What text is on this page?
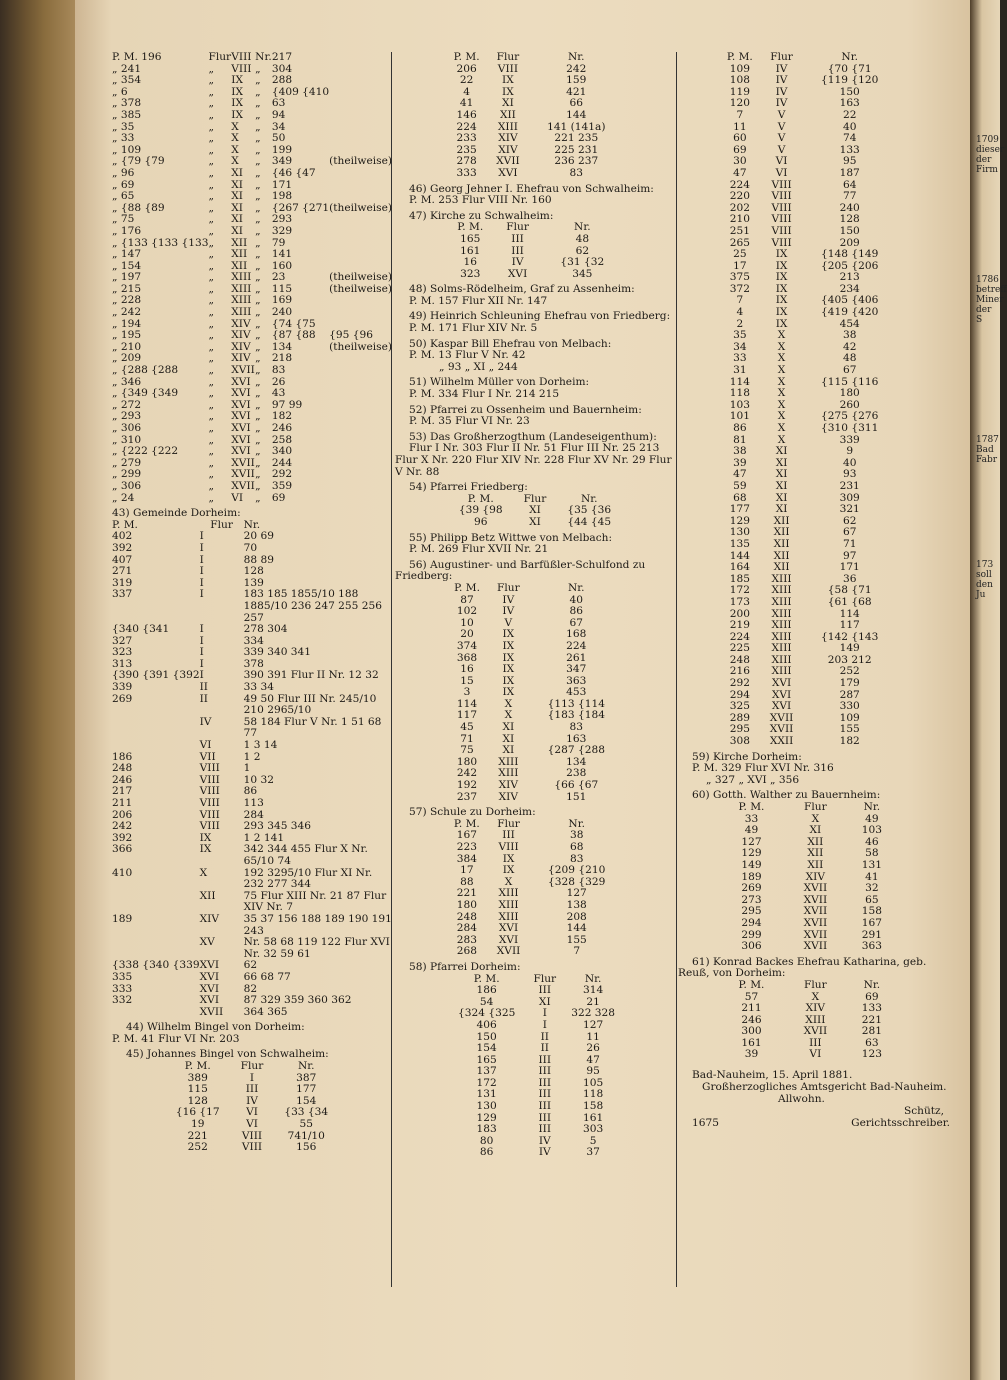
1709 dieser der Firm
1786 betreff Miner der S
1787 Bad Fabr
173 soll den Ju
P. M. 196	Flur	VIII	Nr.	217	
„ 241	„	VIII	„	304	
„ 354	„	IX	„	288	
„ 6	„	IX	„	{409 {410	
„ 378	„	IX	„	63	
„ 385	„	IX	„	94	
„ 35	„	X	„	34	
„ 33	„	X	„	50	
„ 109	„	X	„	199	
„ {79 {79	„	X	„	349	(theilweise)
„ 96	„	XI	„	{46 {47	
„ 69	„	XI	„	171	
„ 65	„	XI	„	198	
„ {88 {89	„	XI	„	{267 {271	(theilweise)
„ 75	„	XI	„	293	
„ 176	„	XI	„	329	
„ {133 {133 {133	„	XII	„	79	
„ 147	„	XII	„	141	
„ 154	„	XII	„	160	
„ 197	„	XIII	„	23	(theilweise)
„ 215	„	XIII	„	115	(theilweise)
„ 228	„	XIII	„	169	
„ 242	„	XIII	„	240	
„ 194	„	XIV	„	{74 {75	
„ 195	„	XIV	„	{87 {88	{95 {96
„ 210	„	XIV	„	134	(theilweise)
„ 209	„	XIV	„	218	
„ {288 {288	„	XVII	„	83	
„ 346	„	XVI	„	26	
„ {349 {349	„	XVI	„	43	
„ 272	„	XVI	„	97 99	
„ 293	„	XVI	„	182	
„ 306	„	XVI	„	246	
„ 310	„	XVI	„	258	
„ {222 {222	„	XVI	„	340	
„ 279	„	XVII	„	244	
„ 299	„	XVII	„	292	
„ 306	„	XVII	„	359	
„ 24	„	VI	„	69	
43) Gemeinde Dorheim:
P. M.	Flur	Nr.
402	I	20 69
392	I	70
407	I	88 89
271	I	128
319	I	139
337	I	183 185 1855/10 188 1885/10 236 247 255 256 257
{340 {341	I	278 304
327	I	334
323	I	339 340 341
313	I	378
{390 {391 {392	I	390 391 Flur II Nr. 12 32
339	II	33 34
269	II	49 50 Flur III Nr. 245/10 210 2965/10
	IV	58 184 Flur V Nr. 1 51 68 77
	VI	1 3 14
186	VII	1 2
248	VIII	1
246	VIII	10 32
217	VIII	86
211	VIII	113
206	VIII	284
242	VIII	293 345 346
392	IX	1 2 141
366	IX	342 344 455 Flur X Nr. 65/10 74
410	X	192 3295/10 Flur XI Nr. 232 277 344
	XII	75 Flur XIII Nr. 21 87 Flur XIV Nr. 7
189	XIV	35 37 156 188 189 190 191 243
	XV	Nr. 58 68 119 122 Flur XVI Nr. 32 59 61
{338 {340 {339	XVI	62
335	XVI	66 68 77
333	XVI	82
332	XVI	87 329 359 360 362
	XVII	364 365
44) Wilhelm Bingel von Dorheim:
P. M. 41 Flur VI Nr. 203
45) Johannes Bingel von Schwalheim:
P. M.	Flur	Nr.
389	I	387
115	III	177
128	IV	154
{16 {17	VI	{33 {34
19	VI	55
221	VIII	741/10
252	VIII	156
P. M.	Flur	Nr.
206	VIII	242
22	IX	159
4	IX	421
41	XI	66
146	XII	144
224	XIII	141 (141a)
233	XIV	221 235
235	XIV	225 231
278	XVII	236 237
333	XVI	83
46) Georg Jehner I. Ehefrau von Schwalheim:
P. M. 253 Flur VIII Nr. 160
47) Kirche zu Schwalheim:
P. M.	Flur	Nr.
165	III	48
161	III	62
16	IV	{31 {32
323	XVI	345
48) Solms-Rödelheim, Graf zu Assenheim:
P. M. 157 Flur XII Nr. 147
49) Heinrich Schleuning Ehefrau von Friedberg:
P. M. 171 Flur XIV Nr. 5
50) Kaspar Bill Ehefrau von Melbach:
P. M. 13 Flur V Nr. 42
„ 93 „ XI „ 244
51) Wilhelm Müller von Dorheim:
P. M. 334 Flur I Nr. 214 215
52) Pfarrei zu Ossenheim und Bauernheim:
P. M. 35 Flur VI Nr. 23
53) Das Großherzogthum (Landeseigenthum):
Flur I Nr. 303 Flur II Nr. 51 Flur III Nr. 25 213 Flur X Nr. 220 Flur XIV Nr. 228 Flur XV Nr. 29 Flur V Nr. 88
54) Pfarrei Friedberg:
P. M.	Flur	Nr.
{39 {98	XI	{35 {36
96	XI	{44 {45
55) Philipp Betz Wittwe von Melbach:
P. M. 269 Flur XVII Nr. 21
56) Augustiner- und Barfüßler-Schulfond zu Friedberg:
P. M.	Flur	Nr.
87	IV	40
102	IV	86
10	V	67
20	IX	168
374	IX	224
368	IX	261
16	IX	347
15	IX	363
3	IX	453
114	X	{113 {114
117	X	{183 {184
45	XI	83
71	XI	163
75	XI	{287 {288
180	XIII	134
242	XIII	238
192	XIV	{66 {67
237	XIV	151
57) Schule zu Dorheim:
P. M.	Flur	Nr.
167	III	38
223	VIII	68
384	IX	83
17	IX	{209 {210
88	X	{328 {329
221	XIII	127
180	XIII	138
248	XIII	208
284	XVI	144
283	XVI	155
268	XVII	7
58) Pfarrei Dorheim:
P. M.	Flur	Nr.
186	III	314
54	XI	21
{324 {325	I	322 328
406	I	127
150	II	11
154	II	26
165	III	47
137	III	95
172	III	105
131	III	118
130	III	158
129	III	161
183	III	303
80	IV	5
86	IV	37
P. M.	Flur	Nr.
109	IV	{70 {71
108	IV	{119 {120
119	IV	150
120	IV	163
7	V	22
11	V	40
60	V	74
69	V	133
30	VI	95
47	VI	187
224	VIII	64
220	VIII	77
202	VIII	240
210	VIII	128
251	VIII	150
265	VIII	209
25	IX	{148 {149
17	IX	{205 {206
375	IX	213
372	IX	234
7	IX	{405 {406
4	IX	{419 {420
2	IX	454
35	X	38
34	X	42
33	X	48
31	X	67
114	X	{115 {116
118	X	180
103	X	260
101	X	{275 {276
86	X	{310 {311
81	X	339
38	XI	9
39	XI	40
47	XI	93
59	XI	231
68	XI	309
177	XI	321
129	XII	62
130	XII	67
135	XII	71
144	XII	97
164	XII	171
185	XIII	36
172	XIII	{58 {71
173	XIII	{61 {68
200	XIII	114
219	XIII	117
224	XIII	{142 {143
225	XIII	149
248	XIII	203 212
216	XIII	252
292	XVI	179
294	XVI	287
325	XVI	330
289	XVII	109
295	XVII	155
308	XXII	182
59) Kirche Dorheim:
P. M. 329 Flur XVI Nr. 316
„ 327 „ XVI „ 356
60) Gotth. Walther zu Bauernheim:
P. M.	Flur	Nr.
33	X	49
49	XI	103
127	XII	46
129	XII	58
149	XII	131
189	XIV	41
269	XVII	32
273	XVII	65
295	XVII	158
294	XVII	167
299	XVII	291
306	XVII	363
61) Konrad Backes Ehefrau Katharina, geb. Reuß, von Dorheim:
P. M.	Flur	Nr.
57	X	69
211	XIV	133
246	XIII	221
300	XVII	281
161	III	63
39	VI	123
Bad-Nauheim, 15. April 1881.
Großherzogliches Amtsgericht Bad-Nauheim.
Allwohn.
Schütz,
1675	Gerichtsschreiber.
